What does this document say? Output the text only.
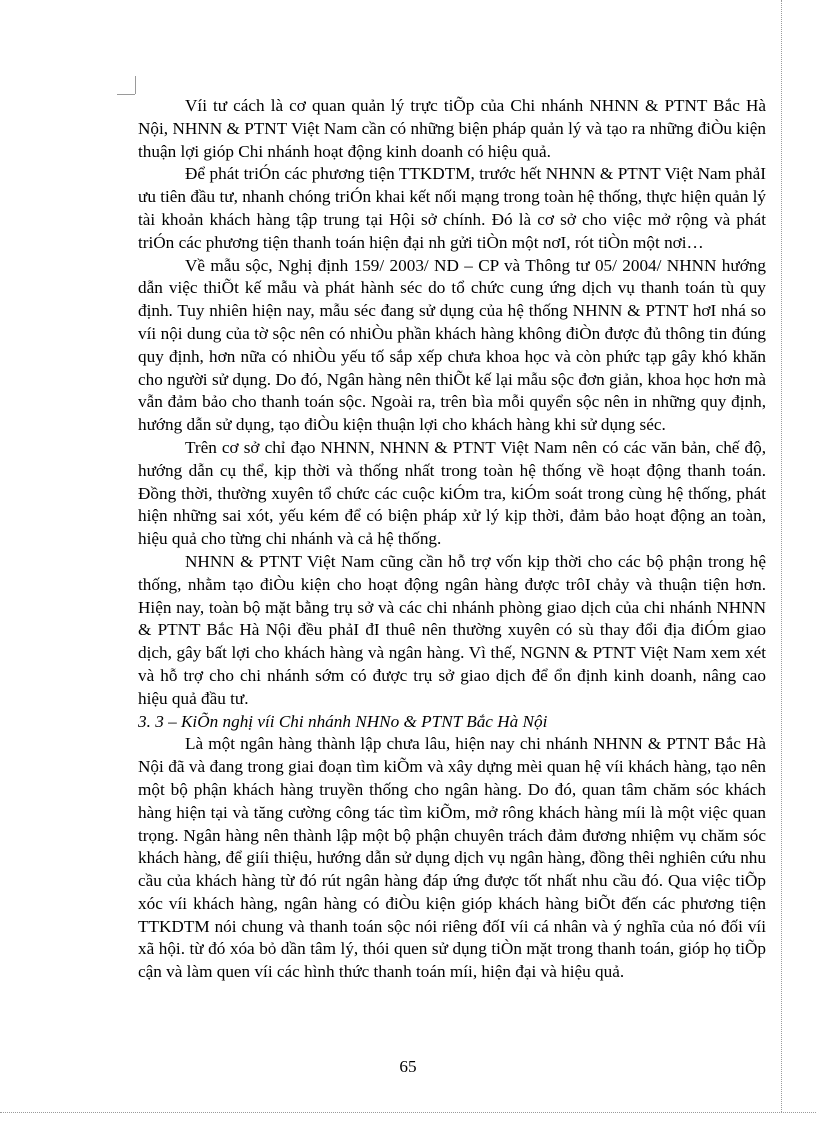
Víi tư cách là cơ quan quản lý trực tiÕp của Chi nhánh NHNN & PTNT Bắc Hà Nội, NHNN & PTNT Việt Nam cần có những biện pháp quản lý và tạo ra những điÒu kiện thuận lợi gióp Chi nhánh hoạt động kinh doanh có hiệu quả.

Để phát triÓn các phương tiện TTKDTM, trước hết NHNN & PTNT Việt Nam phảI ưu tiên đầu tư, nhanh chóng triÓn khai kết nối mạng trong toàn hệ thống, thực hiện quản lý tài khoản khách hàng tập trung tại Hội sở chính. Đó là cơ sở cho việc mở rộng và phát triÓn các phương tiện thanh toán hiện đại nh gửi tiÒn một nơI, rót tiÒn một nơi…

Về mẫu sộc, Nghị định 159/ 2003/ ND – CP và Thông tư 05/ 2004/ NHNN hướng dẫn việc thiÕt kế mẫu và phát hành séc do tổ chức cung ứng dịch vụ thanh toán tù quy định. Tuy nhiên hiện nay, mẫu séc đang sử dụng của hệ thống NHNN & PTNT hơI nhá so víi nội dung của tờ sộc nên có nhiÒu phần khách hàng không điÒn được đủ thông tin đúng quy định, hơn nữa có nhiÒu yếu tố sắp xếp chưa khoa học và còn phức tạp gây khó khăn cho người sử dụng. Do đó, Ngân hàng nên thiÕt kế lại mẫu sộc đơn giản, khoa học hơn mà vẫn đảm bảo cho thanh toán sộc. Ngoài ra, trên bìa mỗi quyển sộc nên in những quy định, hướng dẫn sử dụng, tạo điÒu kiện thuận lợi cho khách hàng khi sử dụng séc.

Trên cơ sở chỉ đạo NHNN, NHNN & PTNT Việt Nam nên có các văn bản, chế độ, hướng dẫn cụ thể, kịp thời và thống nhất trong toàn hệ thống về hoạt động thanh toán. Đồng thời, thường xuyên tổ chức các cuộc kiÓm tra, kiÓm soát trong cùng hệ thống, phát hiện những sai xót, yếu kém để có biện pháp xử lý kịp thời, đảm bảo hoạt động an toàn, hiệu quả cho từng chi nhánh và cả hệ thống.

NHNN & PTNT Việt Nam cũng cần hỗ trợ vốn kịp thời cho các bộ phận trong hệ thống, nhằm tạo điÒu kiện cho hoạt động ngân hàng được trôI chảy và thuận tiện hơn. Hiện nay, toàn bộ mặt bằng trụ sở và các chi nhánh phòng giao dịch của chi nhánh NHNN & PTNT Bắc Hà Nội đều phảI đI thuê nên thường xuyên có sù thay đổi địa điÓm giao dịch, gây bất lợi cho khách hàng và ngân hàng. Vì thế, NGNN & PTNT Việt Nam xem xét và hỗ trợ cho chi nhánh sớm có được trụ sở giao dịch để ổn định kinh doanh, nâng cao hiệu quả đầu tư.

3. 3 – KiÕn nghị víi Chi nhánh NHNo & PTNT Bắc Hà Nội

Là một ngân hàng thành lập chưa lâu, hiện nay chi nhánh NHNN & PTNT Bắc Hà Nội đã và đang trong giai đoạn tìm kiÕm và xây dựng mèi quan hệ víi khách hàng, tạo nên một bộ phận khách hàng truyền thống cho ngân hàng. Do đó, quan tâm chăm sóc khách hàng hiện tại và tăng cường công tác tìm kiÕm, mở rông khách hàng míi là một việc quan trọng. Ngân hàng nên thành lập một bộ phận chuyên trách đảm đương nhiệm vụ chăm sóc khách hàng, để giíi thiệu, hướng dẫn sử dụng dịch vụ ngân hàng, đồng thêi nghiên cứu nhu cầu của khách hàng từ đó rút ngân hàng đáp ứng được tốt nhất nhu cầu đó. Qua việc tiÕp xóc víi khách hàng, ngân hàng có điÒu kiện gióp khách hàng biÕt đến các phương tiện TTKDTM nói chung và thanh toán sộc nói riêng đốI víi cá nhân và ý nghĩa của nó đối víi xã hội. từ đó xóa bỏ dần tâm lý, thói quen sử dụng tiÒn mặt trong thanh toán, gióp họ tiÕp cận và làm quen víi các hình thức thanh toán míi, hiện đại và hiệu quả.

65
